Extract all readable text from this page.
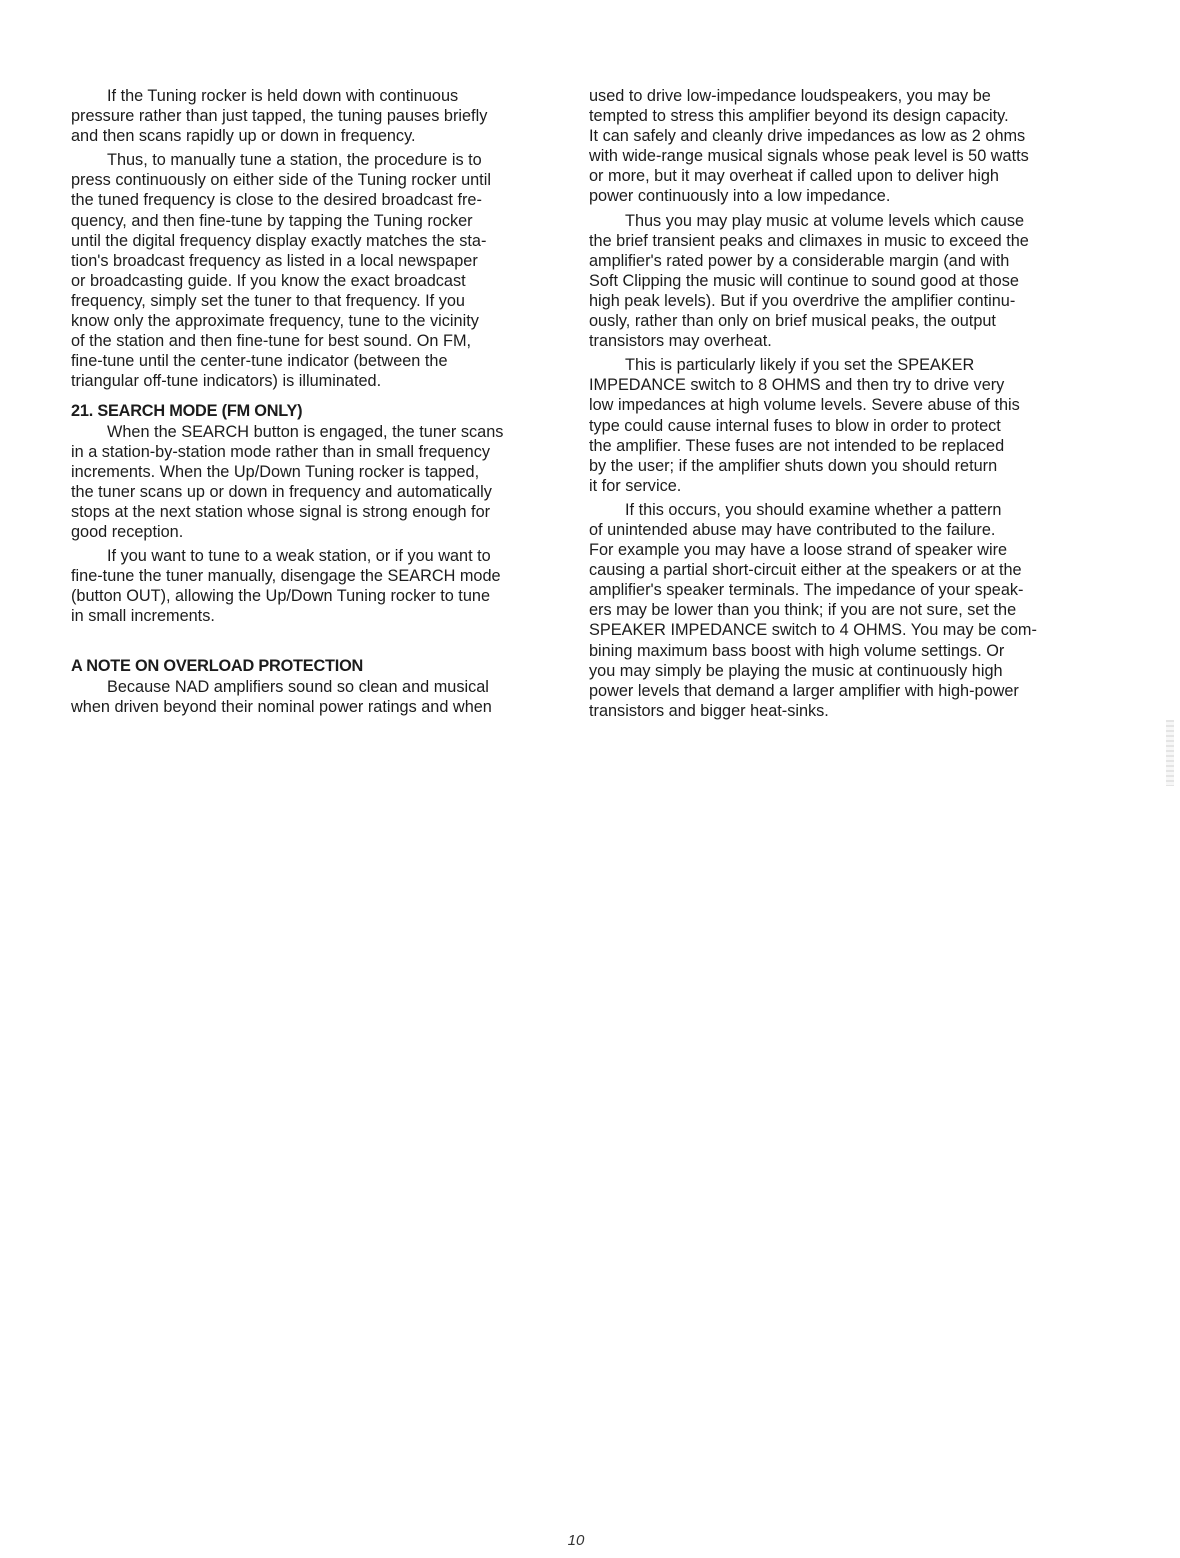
If the Tuning rocker is held down with continuous
pressure rather than just tapped, the tuning pauses briefly
and then scans rapidly up or down in frequency.

Thus, to manually tune a station, the procedure is to
press continuously on either side of the Tuning rocker until
the tuned frequency is close to the desired broadcast fre-
quency, and then fine-tune by tapping the Tuning rocker
until the digital frequency display exactly matches the sta-
tion's broadcast frequency as listed in a local newspaper
or broadcasting guide. If you know the exact broadcast
frequency, simply set the tuner to that frequency. If you
know only the approximate frequency, tune to the vicinity
of the station and then fine-tune for best sound. On FM,
fine-tune until the center-tune indicator (between the
triangular off-tune indicators) is illuminated.

21. SEARCH MODE (FM ONLY)

When the SEARCH button is engaged, the tuner scans
in a station-by-station mode rather than in small frequency
increments. When the Up/Down Tuning rocker is tapped,
the tuner scans up or down in frequency and automatically
stops at the next station whose signal is strong enough for
good reception.

If you want to tune to a weak station, or if you want to
fine-tune the tuner manually, disengage the SEARCH mode
(button OUT), allowing the Up/Down Tuning rocker to tune
in small increments.

A NOTE ON OVERLOAD PROTECTION

Because NAD amplifiers sound so clean and musical
when driven beyond their nominal power ratings and when

used to drive low-impedance loudspeakers, you may be
tempted to stress this amplifier beyond its design capacity.
It can safely and cleanly drive impedances as low as 2 ohms
with wide-range musical signals whose peak level is 50 watts
or more, but it may overheat if called upon to deliver high
power continuously into a low impedance.

Thus you may play music at volume levels which cause
the brief transient peaks and climaxes in music to exceed the
amplifier's rated power by a considerable margin (and with
Soft Clipping the music will continue to sound good at those
high peak levels). But if you overdrive the amplifier continu-
ously, rather than only on brief musical peaks, the output
transistors may overheat.

This is particularly likely if you set the SPEAKER
IMPEDANCE switch to 8 OHMS and then try to drive very
low impedances at high volume levels. Severe abuse of this
type could cause internal fuses to blow in order to protect
the amplifier. These fuses are not intended to be replaced
by the user; if the amplifier shuts down you should return
it for service.

If this occurs, you should examine whether a pattern
of unintended abuse may have contributed to the failure.
For example you may have a loose strand of speaker wire
causing a partial short-circuit either at the speakers or at the
amplifier's speaker terminals. The impedance of your speak-
ers may be lower than you think; if you are not sure, set the
SPEAKER IMPEDANCE switch to 4 OHMS. You may be com-
bining maximum bass boost with high volume settings. Or
you may simply be playing the music at continuously high
power levels that demand a larger amplifier with high-power
transistors and bigger heat-sinks.

10
